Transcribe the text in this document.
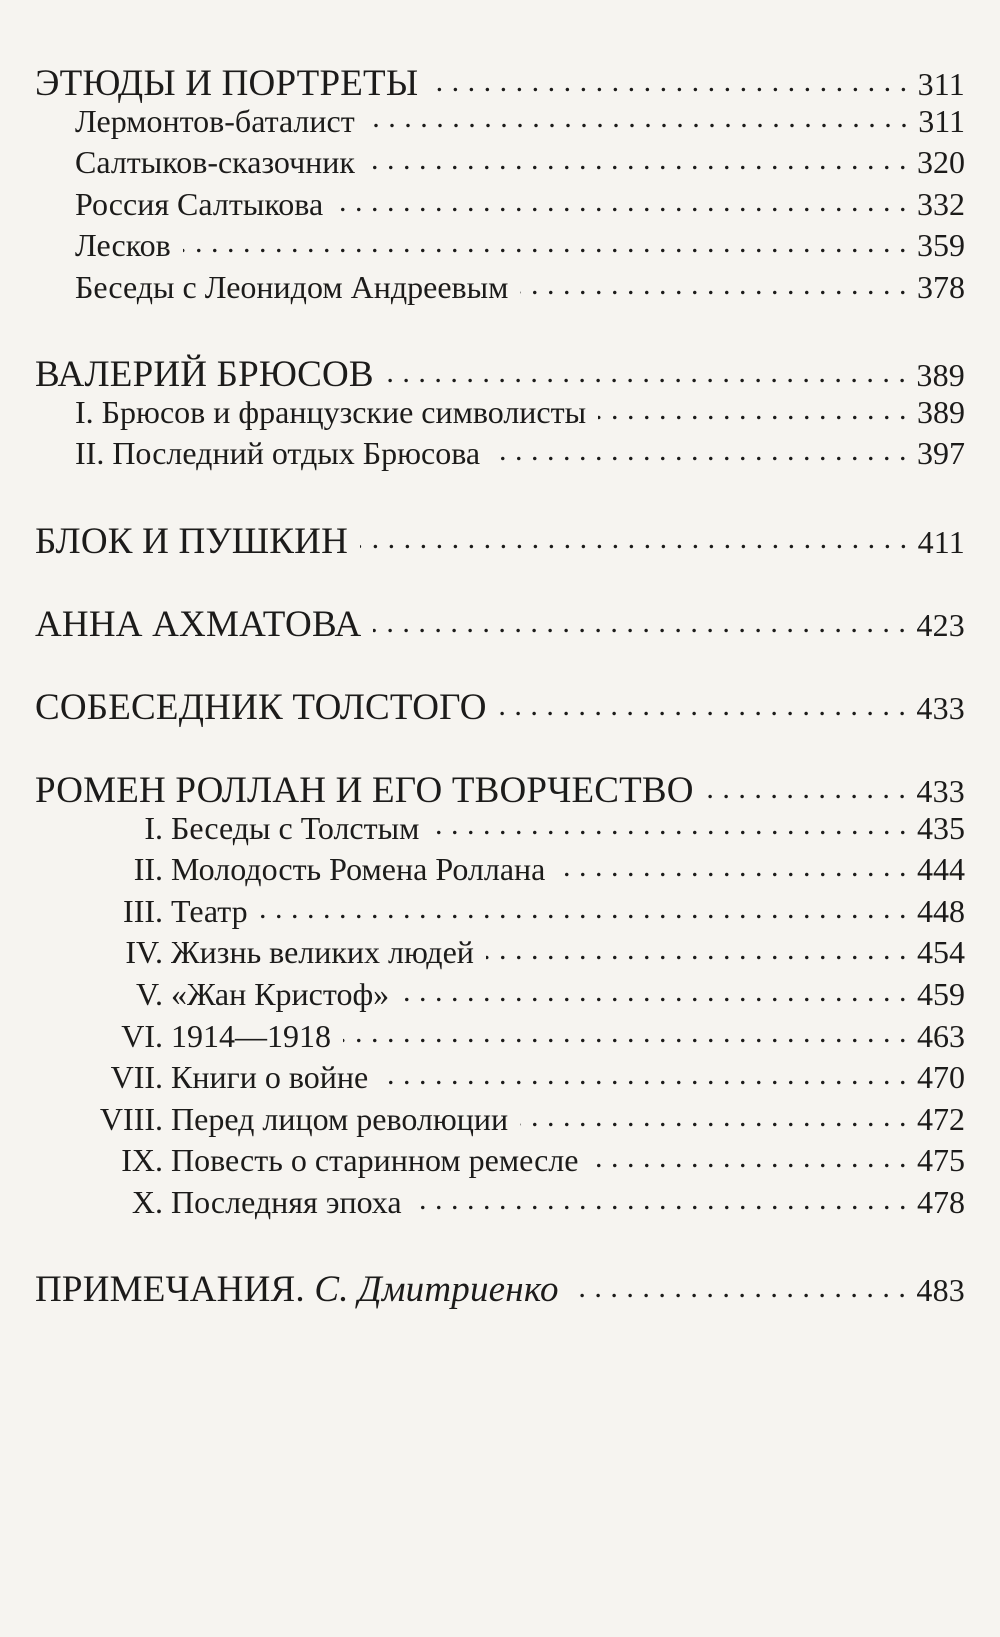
ЭТЮДЫ И ПОРТРЕТЫ . . .	311
Лермонтов-баталист . . .	311
Салтыков-сказочник . . .	320
Россия Салтыкова . . .	332
Лесков . . .	359
Беседы с Леонидом Андреевым . . .	378
ВАЛЕРИЙ БРЮСОВ . . .	389
I. Брюсов и французские символисты . . .	389
II. Последний отдых Брюсова . . .	397
БЛОК И ПУШКИН . . .	411
АННА АХМАТОВА . . .	423
СОБЕСЕДНИК ТОЛСТОГО . . .	433
РОМЕН РОЛЛАН И ЕГО ТВОРЧЕСТВО . . .	433
I. Беседы с Толстым . . .	435
II. Молодость Ромена Роллана . . .	444
III. Театр . . .	448
IV. Жизнь великих людей . . .	454
V. «Жан Кристоф» . . .	459
VI. 1914—1918 . . .	463
VII. Книги о войне . . .	470
VIII. Перед лицом революции . . .	472
IX. Повесть о старинном ремесле . . .	475
X. Последняя эпоха . . .	478
ПРИМЕЧАНИЯ. С. Дмитриенко . . .	483
